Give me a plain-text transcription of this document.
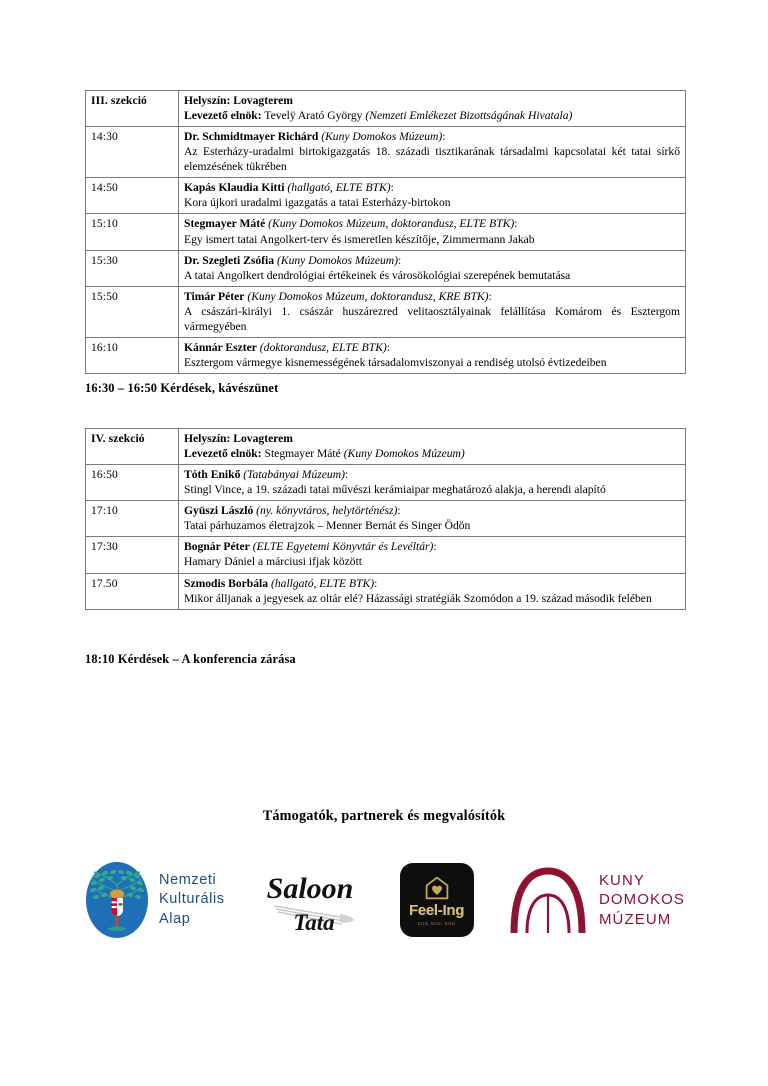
III. szekció	Helyszín: Lovagterem
Levezető elnök: Tevelÿ Arató György (Nemzeti Emlékezet Bizottságának Hivatala)

14:30	Dr. Schmidtmayer Richárd (Kuny Domokos Múzeum):
Az Esterházy-uradalmi birtokigazgatás 18. századi tisztikarának társadalmi kapcsolatai két tatai sírkő elemzésének tükrében

14:50	Kapás Klaudia Kitti (hallgató, ELTE BTK):
Kora újkori uradalmi igazgatás a tatai Esterházy-birtokon

15:10	Stegmayer Máté (Kuny Domokos Múzeum, doktorandusz, ELTE BTK):
Egy ismert tatai Angolkert-terv és ismeretlen készítője, Zimmermann Jakab

15:30	Dr. Szegleti Zsófia (Kuny Domokos Múzeum):
A tatai Angolkert dendrológiai értékeinek és városökológiai szerepének bemutatása

15:50	Timár Péter (Kuny Domokos Múzeum, doktorandusz, KRE BTK):
A császári-királyi 1. császár huszárezred velitaosztályainak felállítása Komárom és Esztergom vármegyében

16:10	Kánnár Eszter (doktorandusz, ELTE BTK):
Esztergom vármegye kisnemességének társadalomviszonyai a rendiség utolsó évtizedeiben
16:30 – 16:50 Kérdések, kávészünet
IV. szekció	Helyszín: Lovagterem
Levezető elnök: Stegmayer Máté (Kuny Domokos Múzeum)

16:50	Tóth Enikő (Tatabányai Múzeum):
Stingl Vince, a 19. századi tatai művészi kerámiaipar meghatározó alakja, a herendi alapító

17:10	Gyüszi László (ny. könyvtáros, helytörténész):
Tatai párhuzamos életrajzok – Menner Bernát és Singer Ödön

17:30	Bognár Péter (ELTE Egyetemi Könyvtár és Levéltár):
Hamary Dániel a márciusi ifjak között

17.50	Szmodis Borbála (hallgató, ELTE BTK):
Mikor álljanak a jegyesek az oltár elé? Házassági stratégiák Szomódon a 19. század második felében
18:10 Kérdések – A konferencia zárása
Támogatók, partnerek és megvalósítók
Nemzeti
Kulturális
Alap
Saloon
Tata	Feel-Ing
Erzsi. Erzsi. Erzsi
KUNY
DOMOKOS
MÚZEUM
